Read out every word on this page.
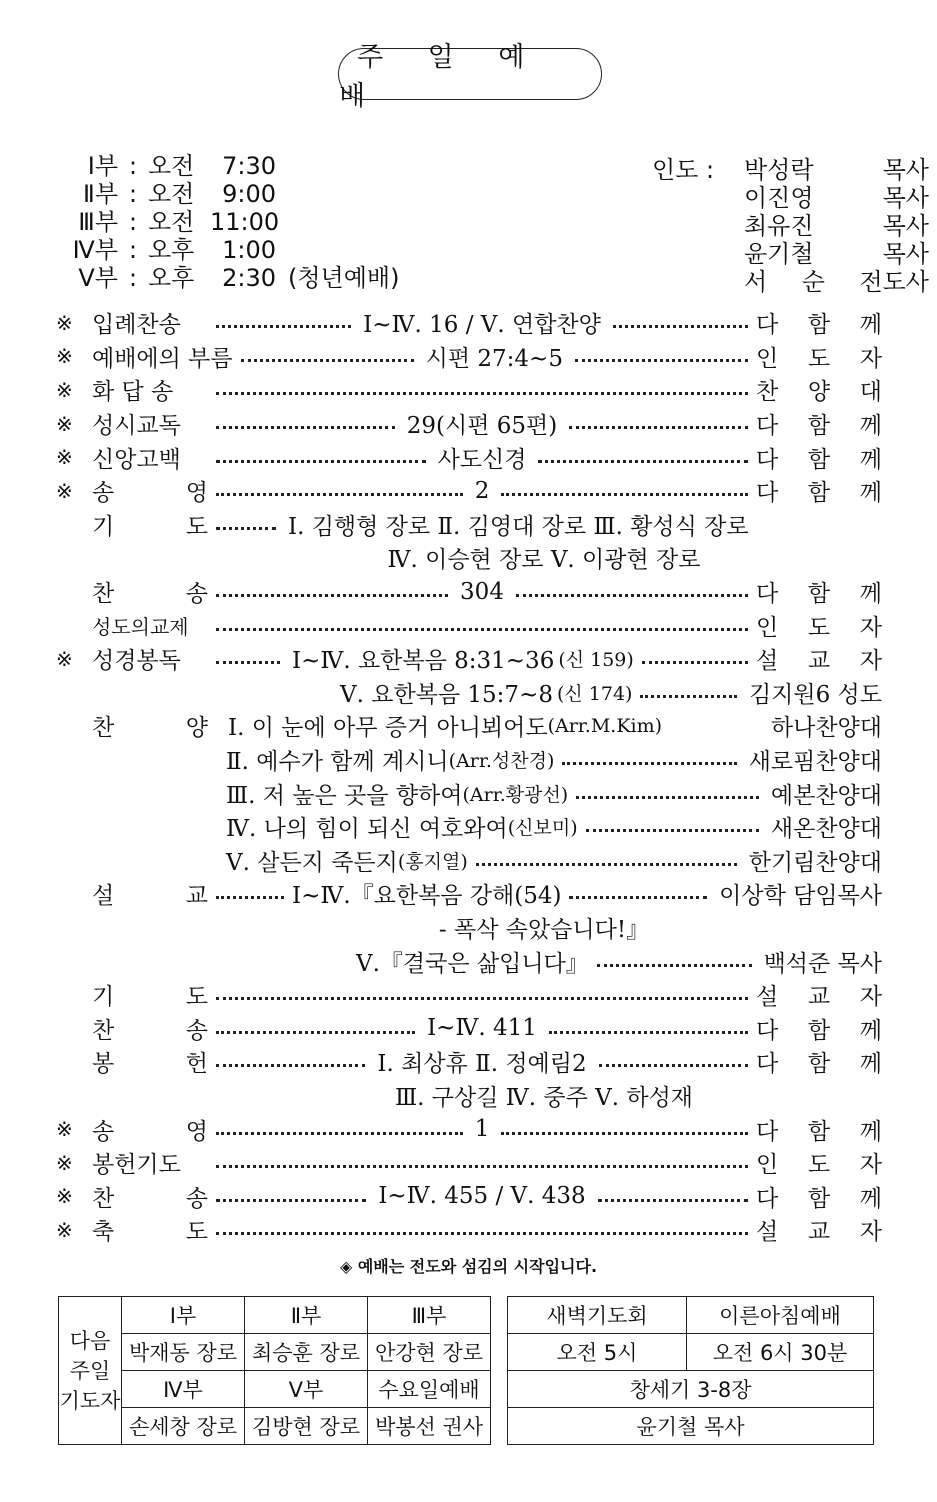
주 일 예 배
Ⅰ부 : 오전	7:30
Ⅱ부 : 오전	9:00
Ⅲ부 : 오전 11:00
Ⅳ부 : 오후	1:00
Ⅴ부 : 오후	2:30 (청년예배)
인도 : 박성락 목사
이진영 목사
최유진 목사
윤기철 목사
서 순 전도사
※ 입례찬송	Ⅰ~Ⅳ. 16 / Ⅴ. 연합찬양	다 함 께
※ 예배에의 부름	시편 27:4~5	인 도 자
※ 화 답 송	찬 양 대
※ 성시교독	29(시편 65편)	다 함 께
※ 신앙고백	사도신경	다 함 께
※ 송 영	2	다 함 께
기 도	Ⅰ. 김행형 장로 Ⅱ. 김영대 장로 Ⅲ. 황성식 장로
Ⅳ. 이승현 장로 Ⅴ. 이광현 장로
찬 송	304	다 함 께
성도의교제	인 도 자
※ 성경봉독	Ⅰ~Ⅳ. 요한복음 8:31~36 (신 159)	설 교 자
Ⅴ. 요한복음 15:7~8 (신 174)	김지원6 성도
찬 양 Ⅰ. 이 눈에 아무 증거 아니뵈어도 (Arr.M.Kim)	하나찬양대
Ⅱ. 예수가 함께 계시니 (Arr.성찬경)	새로핌찬양대
Ⅲ. 저 높은 곳을 향하여 (Arr.황광선)	예본찬양대
Ⅳ. 나의 힘이 되신 여호와여 (신보미)	새온찬양대
Ⅴ. 살든지 죽든지 (홍지열)	한기림찬양대
설 교	Ⅰ~Ⅳ.『요한복음 강해(54)	이상학 담임목사
- 폭삭 속았습니다!』
Ⅴ.『결국은 삶입니다』	백석준 목사
기 도	설 교 자
찬 송	Ⅰ~Ⅳ. 411	다 함 께
봉 헌	Ⅰ. 최상휴 Ⅱ. 정예림2	다 함 께
Ⅲ. 구상길 Ⅳ. 중주 Ⅴ. 하성재
※ 송 영	1	다 함 께
※ 봉헌기도	인 도 자
※ 찬 송	Ⅰ~Ⅳ. 455 / Ⅴ. 438	다 함 께
※ 축 도	설 교 자
◈ 예배는 전도와 섬김의 시작입니다.
다음 주일 기도자	Ⅰ부	Ⅱ부	Ⅲ부
	박재동 장로	최승훈 장로	안강현 장로
	Ⅳ부	Ⅴ부	수요일예배
	손세창 장로	김방현 장로	박봉선 권사
새벽기도회	이른아침예배
오전 5시	오전 6시 30분
창세기 3-8장	
윤기철 목사	
